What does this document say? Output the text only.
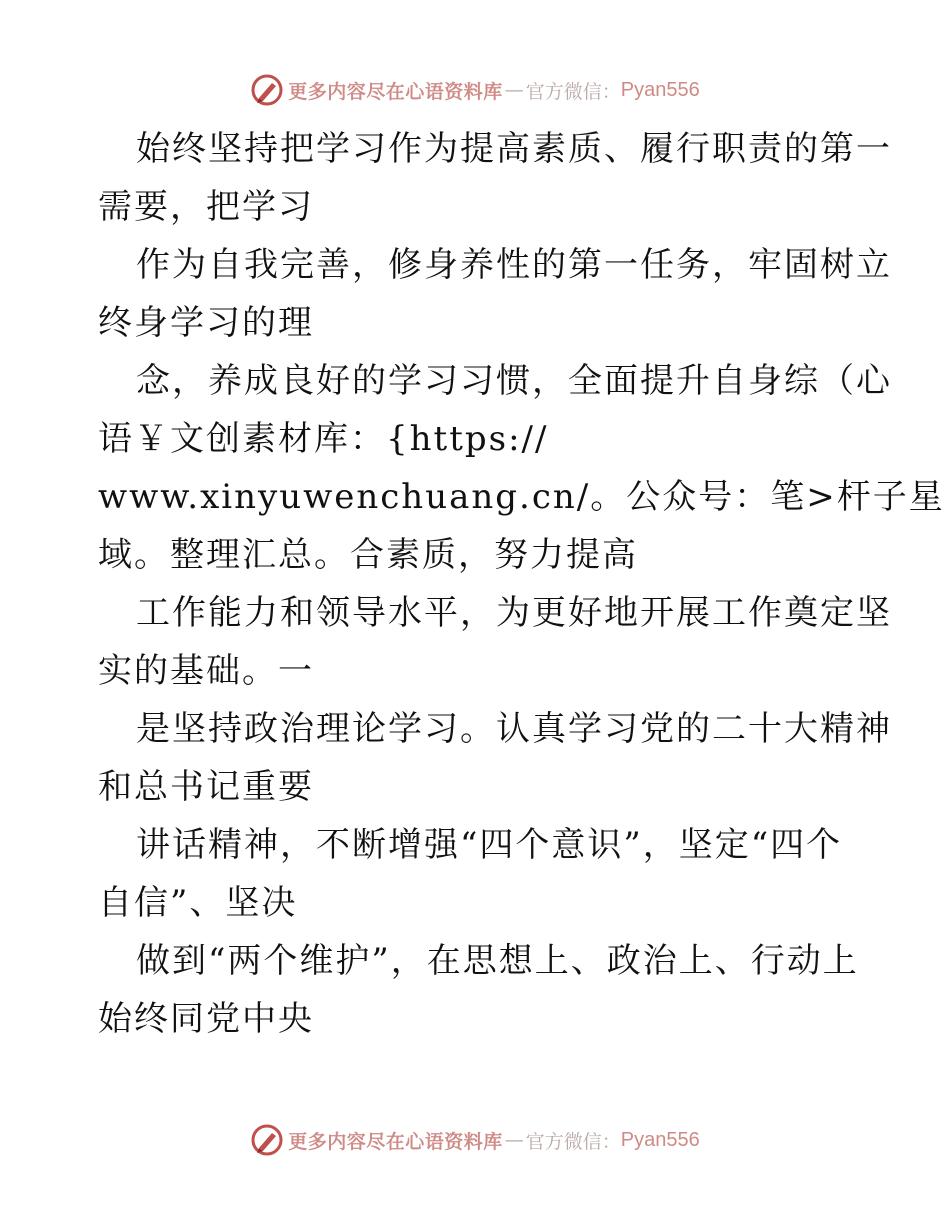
更多内容尽在心语资料库 — 官方微信： Pyan556
始终坚持把学习作为提高素质、履行职责的第一
需要，把学习
作为自我完善，修身养性的第一任务，牢固树立
终身学习的理
念，养成良好的学习习惯，全面提升自身综（心
语￥文创素材库：{https://
www.xinyuwenchuang.cn/。公众号：笔>杆子星
域。整理汇总。合素质，努力提高
工作能力和领导水平，为更好地开展工作奠定坚
实的基础。一
是坚持政治理论学习。认真学习党的二十大精神
和总书记重要
讲话精神，不断增强“四个意识”，坚定“四个
自信”、坚决
做到“两个维护”，在思想上、政治上、行动上
始终同党中央
更多内容尽在心语资料库 — 官方微信： Pyan556
